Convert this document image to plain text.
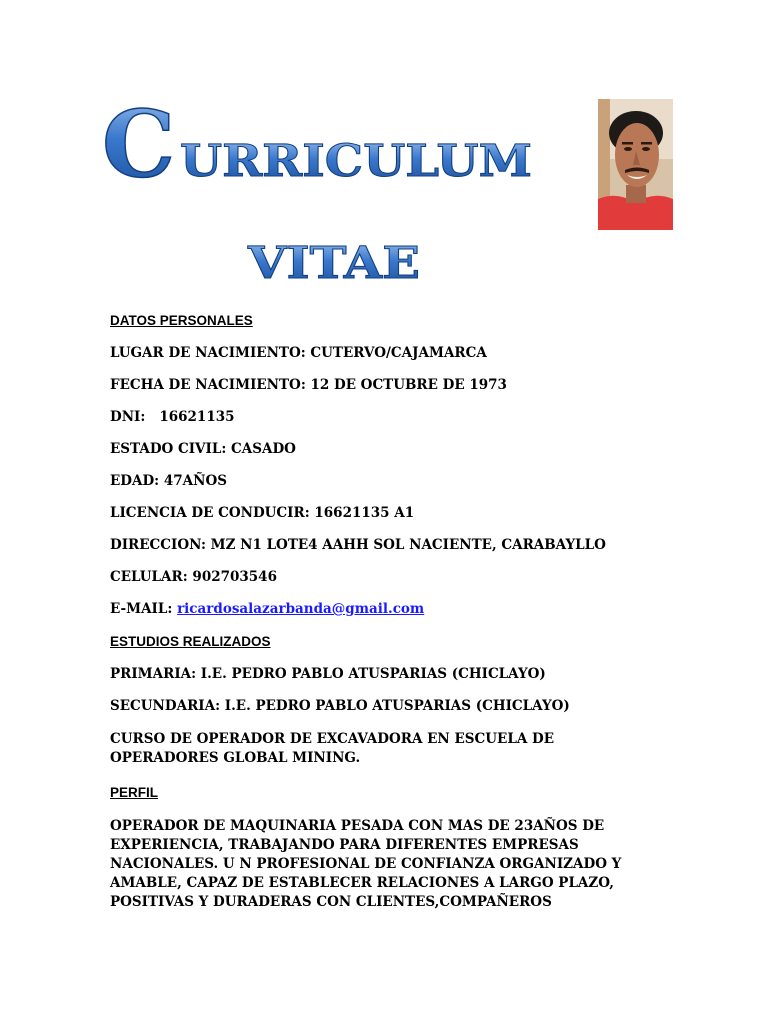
C URRICULUM
VITAE
DATOS PERSONALES
LUGAR DE NACIMIENTO: CUTERVO/CAJAMARCA
FECHA DE NACIMIENTO: 12 DE OCTUBRE DE 1973
DNI: 16621135
ESTADO CIVIL: CASADO
EDAD: 47AÑOS
LICENCIA DE CONDUCIR: 16621135 A1
DIRECCION: MZ N1 LOTE4 AAHH SOL NACIENTE, CARABAYLLO
CELULAR: 902703546
E-MAIL: ricardosalazarbanda@gmail.com
ESTUDIOS REALIZADOS
PRIMARIA: I.E. PEDRO PABLO ATUSPARIAS (CHICLAYO)
SECUNDARIA: I.E. PEDRO PABLO ATUSPARIAS (CHICLAYO)
CURSO DE OPERADOR DE EXCAVADORA EN ESCUELA DE OPERADORES GLOBAL MINING.
PERFIL
OPERADOR DE MAQUINARIA PESADA CON MAS DE 23AÑOS DE EXPERIENCIA, TRABAJANDO PARA DIFERENTES EMPRESAS NACIONALES. U N PROFESIONAL DE CONFIANZA ORGANIZADO Y AMABLE, CAPAZ DE ESTABLECER RELACIONES A LARGO PLAZO, POSITIVAS Y DURADERAS CON CLIENTES,COMPAÑEROS
